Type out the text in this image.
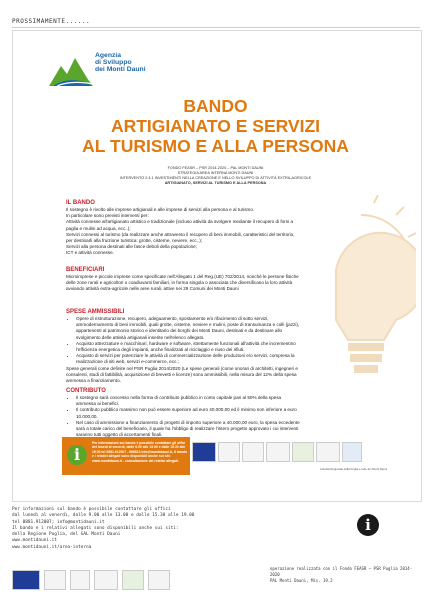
PROSSIMAMENTE......
Agenzia
di Sviluppo
dei Monti Dauni
BANDO
ARTIGIANATO E SERVIZI
AL TURISMO E ALLA PERSONA
FONDO FEASR – PSR 2014-2020 – PAL MONTI DAUNI
STRATEGIA AREA INTERNA MONTI DAUNI
INTERVENTO 2.4.1 INVESTIMENTI NELLA CREAZIONE E NELLO SVILUPPO DI ATTIVITÀ EXTRA-AGRICOLE
ARTIGIANATO, SERVIZI AL TURISMO E ALLA PERSONA
IL BANDO

Il sostegno è rivolto alle imprese artigianali e alle imprese di servizi alla persona e al turismo.

In particolare sono previsti interventi per:

Attività connesse all'artigianato artistico e tradizionale (incluso attività da svolgere mediante il recupero di forni a paglia e mulini ad acqua, ecc..);

Servizi connessi al turismo (da realizzare anche attraverso il recupero di beni immobili, caratteristici del territorio, per destinarli alla fruizione turistica: grotte, cisterne, neviere, ecc..);

Servizi alla persona destinati alle fasce deboli della popolazione;

ICT e attività connesse.

BENEFICIARI

Microimprese e piccole imprese come specificate nell'Allegato 1 del Reg.(UE) 702/2014, nonché le persone fisiche delle zone rurali e agricoltori o coadiuvanti familiari, in forma singola o associata che diversificano la loro attività avviando attività extra-agricole nelle aree rurali, attive nei 29 Comuni dei Monti Dauni

SPESE AMMISSIBILI
• Opere di ristrutturazione, recupero, adeguamento, spostamento e/o rifacimento di sotto servizi, ammodernamento di beni immobili, quali grotte, cisterne, neviere e mulini, poste di transumanza e colli (jazzi), appartenenti al patrimonio storico e identitario dei borghi dei Monti Dauni, destinati e da destinare allo svolgimento delle attività artigianali inserite nell'elenco allegato.
• Acquisto attrezzature e macchinari, hardware e software, strettamente funzionali all'attività che incrementino l'efficienza energetica degli impianti, anche finalizzati al riciclaggio e riuso dei rifiuti.
• Acquisto di servizi per potenziare le attività di commercializzazione delle produzioni e/o servizi, compresa la realizzazione di siti web, servizi e-commerce, ecc.;

Spese generali come definite nel PSR Puglia 2014/2020 (Le spese generali (come onorari di architetti, ingegneri e consulenti, studi di fattibilità, acquisizione di brevetti e licenze) sono ammissibili, nella misura del 12% della spesa ammessa a finanziamento.

CONTRIBUTO
• Il sostegno sarà concesso nella forma di contributo pubblico in conto capitale pari al 50% della spesa ammessa ai benefici.
• Il contributo pubblico massimo non può essere superiore ad euro 40.000,00 ed il minimo non inferiore a euro 10.000,00.
• Nel caso di ammissione a finanziamento di progetti di importo superiore a 40.000,00 euro, la spesa eccedente sarà a totale carico del beneficiario, il quale ha l'obbligo di realizzare l'intero progetto approvato i cui interventi saranno tutti oggetto di accertamenti finali.
i
Per informazioni sul bando è possibile contattare gli uffici del lunedì al venerdì, dalle 9.00 alle 13.00 e dalle 15.30 alle 19.00 tel 0881.912007 - 966813 info@montidauni.it, Il bando e i relativi allegati sono disponibili anche sui siti: www.montidauni.it - consultazione dei relativi allegati.
Autorità Regionale della Puglia e GAL dei Monti Dauni
Per informazioni sul bando è possibile contattare gli uffici
dal lunedì al venerdì, dalle 9.00 alle 13.00 e dalle 15.30 alle 19.00
tel 0881.912007; info@montidauni.it
Il bando e i relativi allegati sono disponibili anche sui siti:
della Regione Puglia, del GAL Monti Dauni
www.montidauni.it
www.montidauni.it/area-interna
i
operazione realizzata con il Fondo FEASR – PSR Puglia 2014-2020
PAL Monti Dauni, Mis. 19.2
